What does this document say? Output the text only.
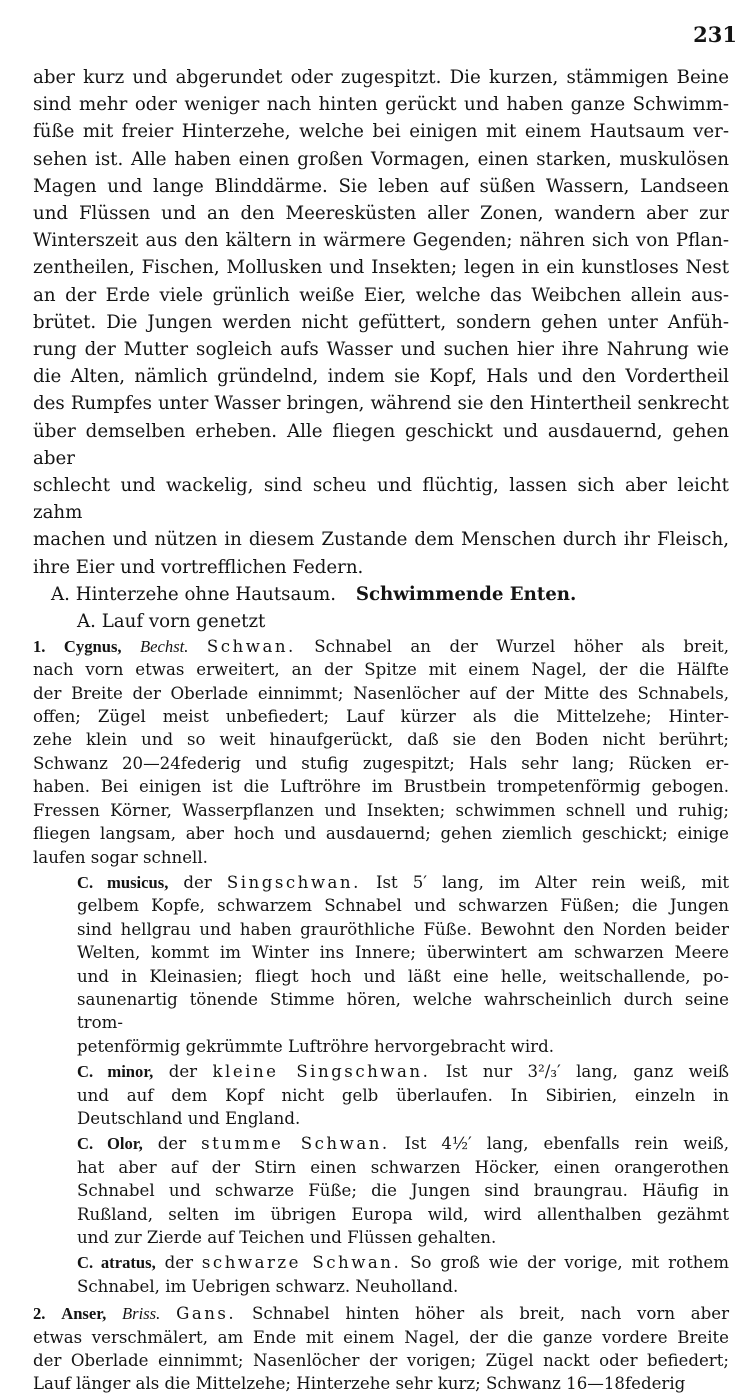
231

aber kurz und abgerundet oder zugespitzt. Die kurzen, stämmigen Beine

sind mehr oder weniger nach hinten gerückt und haben ganze Schwimm-

füße mit freier Hinterzehe, welche bei einigen mit einem Hautsaum ver-

sehen ist. Alle haben einen großen Vormagen, einen starken, muskulösen

Magen und lange Blinddärme. Sie leben auf süßen Wassern, Landseen

und Flüssen und an den Meeresküsten aller Zonen, wandern aber zur

Winterszeit aus den kältern in wärmere Gegenden; nähren sich von Pflan-

zentheilen, Fischen, Mollusken und Insekten; legen in ein kunstloses Nest

an der Erde viele grünlich weiße Eier, welche das Weibchen allein aus-

brütet. Die Jungen werden nicht gefüttert, sondern gehen unter Anfüh-

rung der Mutter sogleich aufs Wasser und suchen hier ihre Nahrung wie

die Alten, nämlich gründelnd, indem sie Kopf, Hals und den Vordertheil

des Rumpfes unter Wasser bringen, während sie den Hintertheil senkrecht

über demselben erheben. Alle fliegen geschickt und ausdauernd, gehen aber

schlecht und wackelig, sind scheu und flüchtig, lassen sich aber leicht zahm

machen und nützen in diesem Zustande dem Menschen durch ihr Fleisch,

ihre Eier und vortrefflichen Federn.

A. Hinterzehe ohne Hautsaum. Schwimmende Enten.
A. Lauf vorn genetzt

1. Cygnus, Bechst. Schwan. Schnabel an der Wurzel höher als breit,

nach vorn etwas erweitert, an der Spitze mit einem Nagel, der die Hälfte

der Breite der Oberlade einnimmt; Nasenlöcher auf der Mitte des Schnabels,

offen; Zügel meist unbefiedert; Lauf kürzer als die Mittelzehe; Hinter-

zehe klein und so weit hinaufgerückt, daß sie den Boden nicht berührt;

Schwanz 20—24federig und stufig zugespitzt; Hals sehr lang; Rücken er-

haben. Bei einigen ist die Luftröhre im Brustbein trompetenförmig gebogen.

Fressen Körner, Wasserpflanzen und Insekten; schwimmen schnell und ruhig;

fliegen langsam, aber hoch und ausdauernd; gehen ziemlich geschickt; einige

laufen sogar schnell.

C. musicus, der Singschwan. Ist 5′ lang, im Alter rein weiß, mit

gelbem Kopfe, schwarzem Schnabel und schwarzen Füßen; die Jungen

sind hellgrau und haben grauröthliche Füße. Bewohnt den Norden beider

Welten, kommt im Winter ins Innere; überwintert am schwarzen Meere

und in Kleinasien; fliegt hoch und läßt eine helle, weitschallende, po-

saunenartig tönende Stimme hören, welche wahrscheinlich durch seine trom-

petenförmig gekrümmte Luftröhre hervorgebracht wird.

C. minor, der kleine Singschwan. Ist nur 3²/₃′ lang, ganz weiß

und auf dem Kopf nicht gelb überlaufen. In Sibirien, einzeln in

Deutschland und England.

C. Olor, der stumme Schwan. Ist 4½′ lang, ebenfalls rein weiß,

hat aber auf der Stirn einen schwarzen Höcker, einen orangerothen

Schnabel und schwarze Füße; die Jungen sind braungrau. Häufig in

Rußland, selten im übrigen Europa wild, wird allenthalben gezähmt

und zur Zierde auf Teichen und Flüssen gehalten.

C. atratus, der schwarze Schwan. So groß wie der vorige, mit rothem

Schnabel, im Uebrigen schwarz. Neuholland.

2. Anser, Briss. Gans. Schnabel hinten höher als breit, nach vorn aber

etwas verschmälert, am Ende mit einem Nagel, der die ganze vordere Breite

der Oberlade einnimmt; Nasenlöcher der vorigen; Zügel nackt oder befiedert;

Lauf länger als die Mittelzehe; Hinterzehe sehr kurz; Schwanz 16—18federig
